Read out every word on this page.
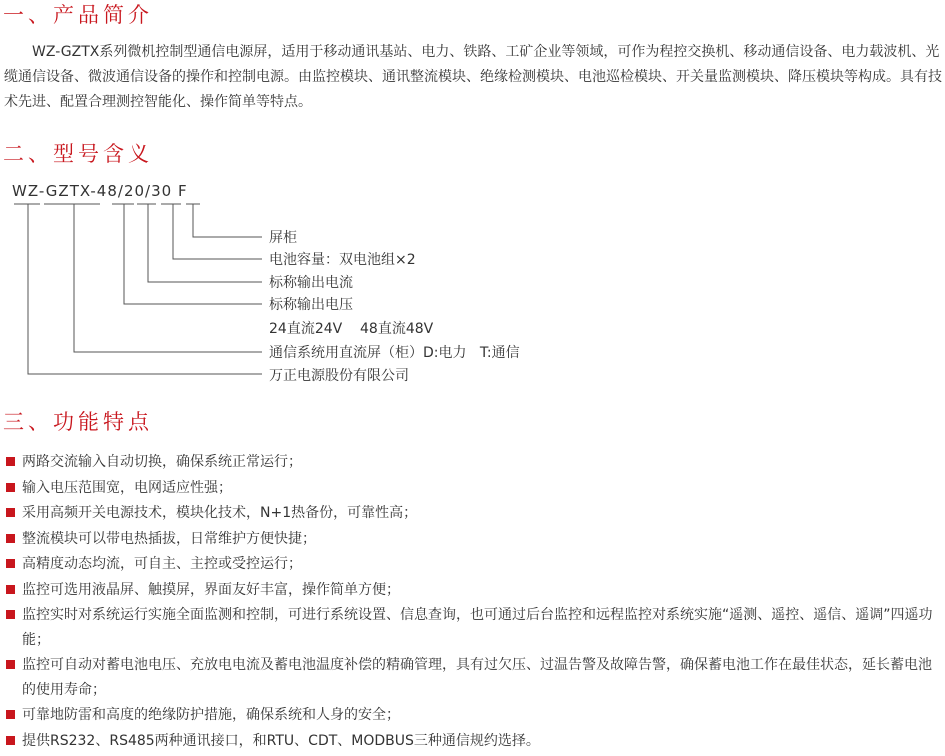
一、产品简介

WZ-GZTX系列微机控制型通信电源屏，适用于移动通讯基站、电力、铁路、工矿企业等领域，可作为程控交换机、移动通信设备、电力载波机、光缆通信设备、微波通信设备的操作和控制电源。由监控模块、通讯整流模块、绝缘检测模块、电池巡检模块、开关量监测模块、降压模块等构成。具有技术先进、配置合理测控智能化、操作简单等特点。

二、型号含义
WZ-GZTX-48/20/30 F
屏柜
电池容量：双电池组×2
标称输出电流
标称输出电压
24直流24V    48直流48V
通信系统用直流屏（柜）D:电力   T:通信
万正电源股份有限公司
三、功能特点
两路交流输入自动切换，确保系统正常运行；
输入电压范围宽，电网适应性强；
采用高频开关电源技术，模块化技术，N+1热备份，可靠性高；
整流模块可以带电热插拔，日常维护方便快捷；
高精度动态均流，可自主、主控或受控运行；
监控可选用液晶屏、触摸屏，界面友好丰富，操作简单方便；
监控实时对系统运行实施全面监测和控制，可进行系统设置、信息查询，也可通过后台监控和远程监控对系统实施“遥测、遥控、遥信、遥调”四遥功能；
监控可自动对蓄电池电压、充放电电流及蓄电池温度补偿的精确管理，具有过欠压、过温告警及故障告警，确保蓄电池工作在最佳状态，延长蓄电池的使用寿命；
可靠地防雷和高度的绝缘防护措施，确保系统和人身的安全；
提供RS232、RS485两种通讯接口，和RTU、CDT、MODBUS三种通信规约选择。
